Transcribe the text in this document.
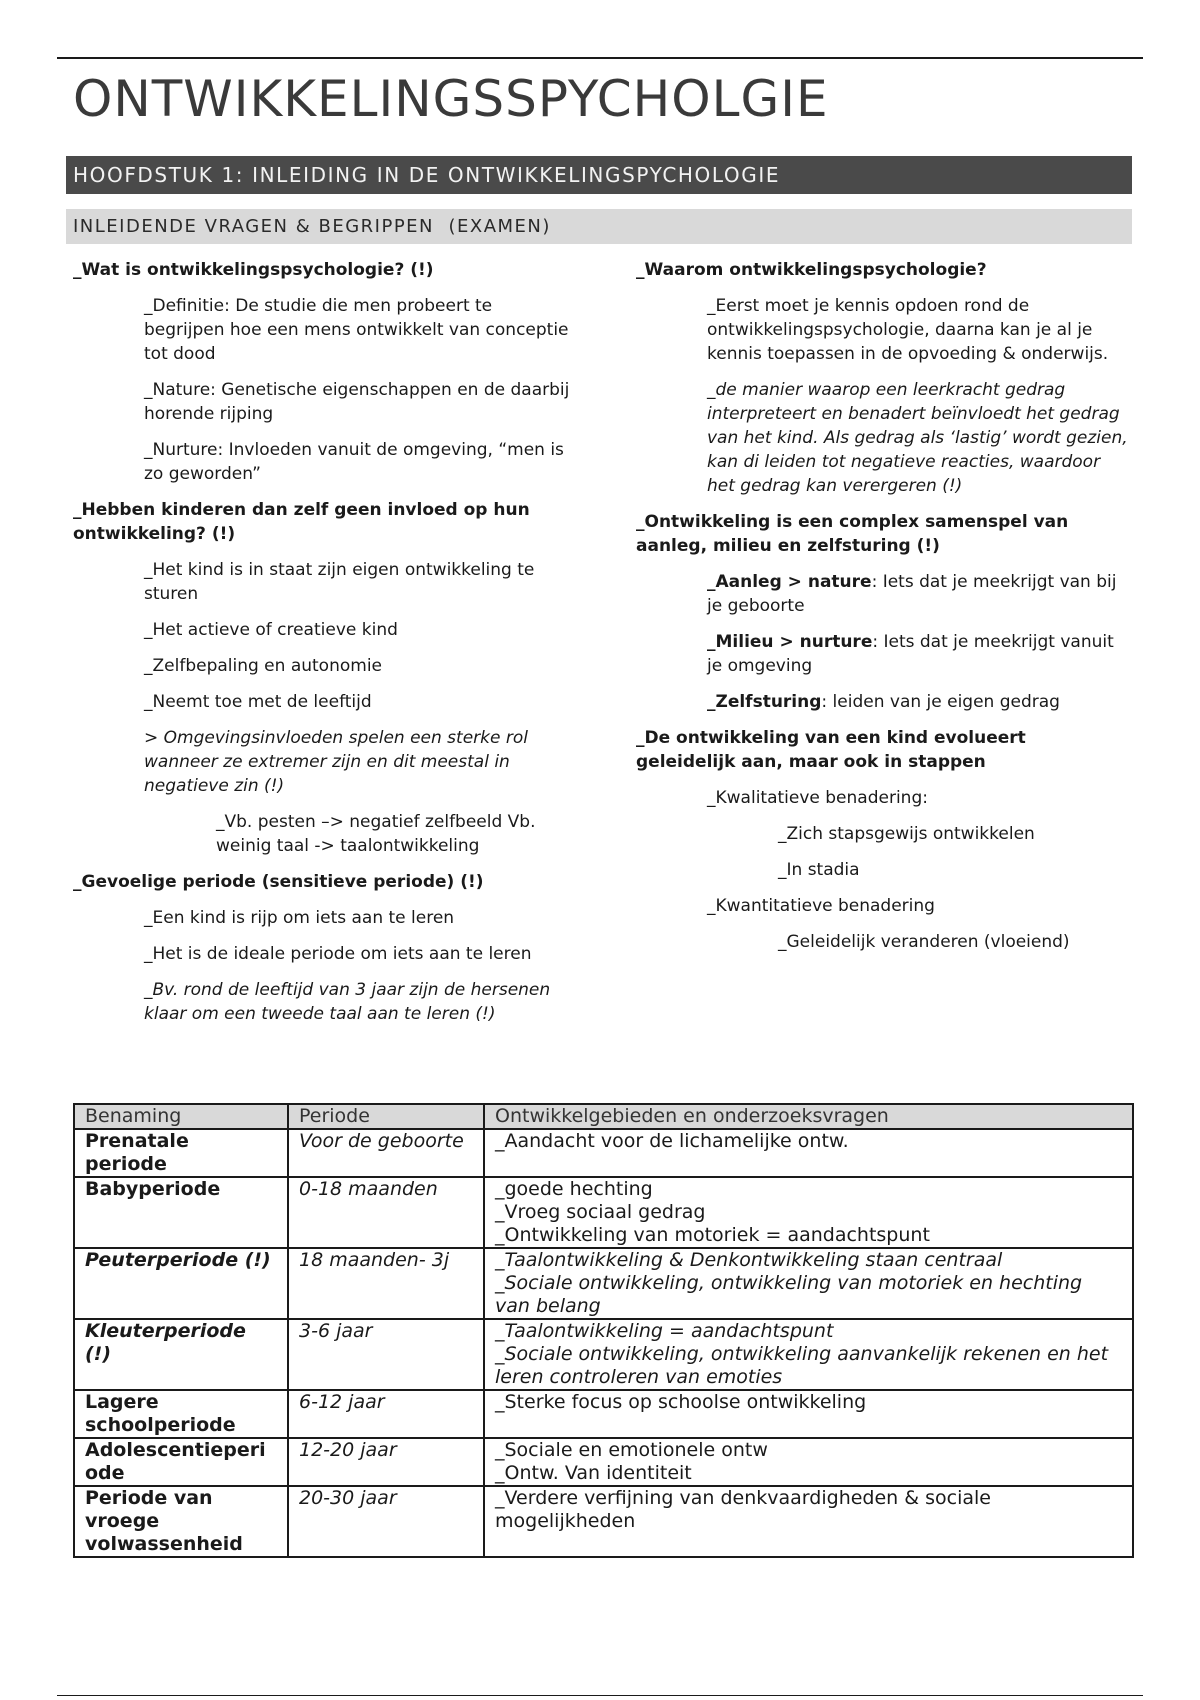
ONTWIKKELINGSSPYCHOLGIE
HOOFDSTUK 1: INLEIDING IN DE ONTWIKKELINGSPYCHOLOGIE
INLEIDENDE VRAGEN & BEGRIPPEN  (EXAMEN)
_Wat is ontwikkelingspsychologie? (!)
_Definitie: De studie die men probeert te begrijpen hoe een mens ontwikkelt van conceptie tot dood
_Nature: Genetische eigenschappen en de daarbij horende rijping
_Nurture: Invloeden vanuit de omgeving, “men is zo geworden”
_Hebben kinderen dan zelf geen invloed op hun ontwikkeling? (!)
_Het kind is in staat zijn eigen ontwikkeling te sturen
_Het actieve of creatieve kind
_Zelfbepaling en autonomie
_Neemt toe met de leeftijd
> Omgevingsinvloeden spelen een sterke rol wanneer ze extremer zijn en dit meestal in negatieve zin (!)
_Vb. pesten –> negatief zelfbeeld Vb. weinig taal -> taalontwikkeling
_Gevoelige periode (sensitieve periode) (!)
_Een kind is rijp om iets aan te leren
_Het is de ideale periode om iets aan te leren
_Bv. rond de leeftijd van 3 jaar zijn de hersenen klaar om een tweede taal aan te leren (!)
_Waarom ontwikkelingspsychologie?
_Eerst moet je kennis opdoen rond de ontwikkelingspsychologie, daarna kan je al je kennis toepassen in de opvoeding & onderwijs.
_de manier waarop een leerkracht gedrag interpreteert en benadert beïnvloedt het gedrag van het kind. Als gedrag als ‘lastig’ wordt gezien, kan di leiden tot negatieve reacties, waardoor het gedrag kan verergeren (!)
_Ontwikkeling is een complex samenspel van aanleg, milieu en zelfsturing (!)
_Aanleg > nature: Iets dat je meekrijgt van bij je geboorte
_Milieu > nurture: Iets dat je meekrijgt vanuit je omgeving
_Zelfsturing: leiden van je eigen gedrag
_De ontwikkeling van een kind evolueert geleidelijk aan, maar ook in stappen
_Kwalitatieve benadering:
_Zich stapsgewijs ontwikkelen
_In stadia
_Kwantitatieve benadering
_Geleidelijk veranderen (vloeiend)
Benaming	Periode	Ontwikkelgebieden en onderzoeksvragen
Prenatale periode	Voor de geboorte	_Aandacht voor de lichamelijke ontw.

Babyperiode	0-18 maanden	_goede hechting
_Vroeg sociaal gedrag
_Ontwikkeling van motoriek = aandachtspunt

Peuterperiode (!)	18 maanden- 3j	_Taalontwikkeling & Denkontwikkeling staan centraal
_Sociale ontwikkeling, ontwikkeling van motoriek en hechting van belang

Kleuterperiode (!)	3-6 jaar	_Taalontwikkeling = aandachtspunt
_Sociale ontwikkeling, ontwikkeling aanvankelijk rekenen en het leren controleren van emoties

Lagere schoolperiode	6-12 jaar	_Sterke focus op schoolse ontwikkeling

Adolescentieperiode	12-20 jaar	_Sociale en emotionele ontw
_Ontw. Van identiteit

Periode van vroege volwassenheid	20-30 jaar	_Verdere verfijning van denkvaardigheden & sociale mogelijkheden
